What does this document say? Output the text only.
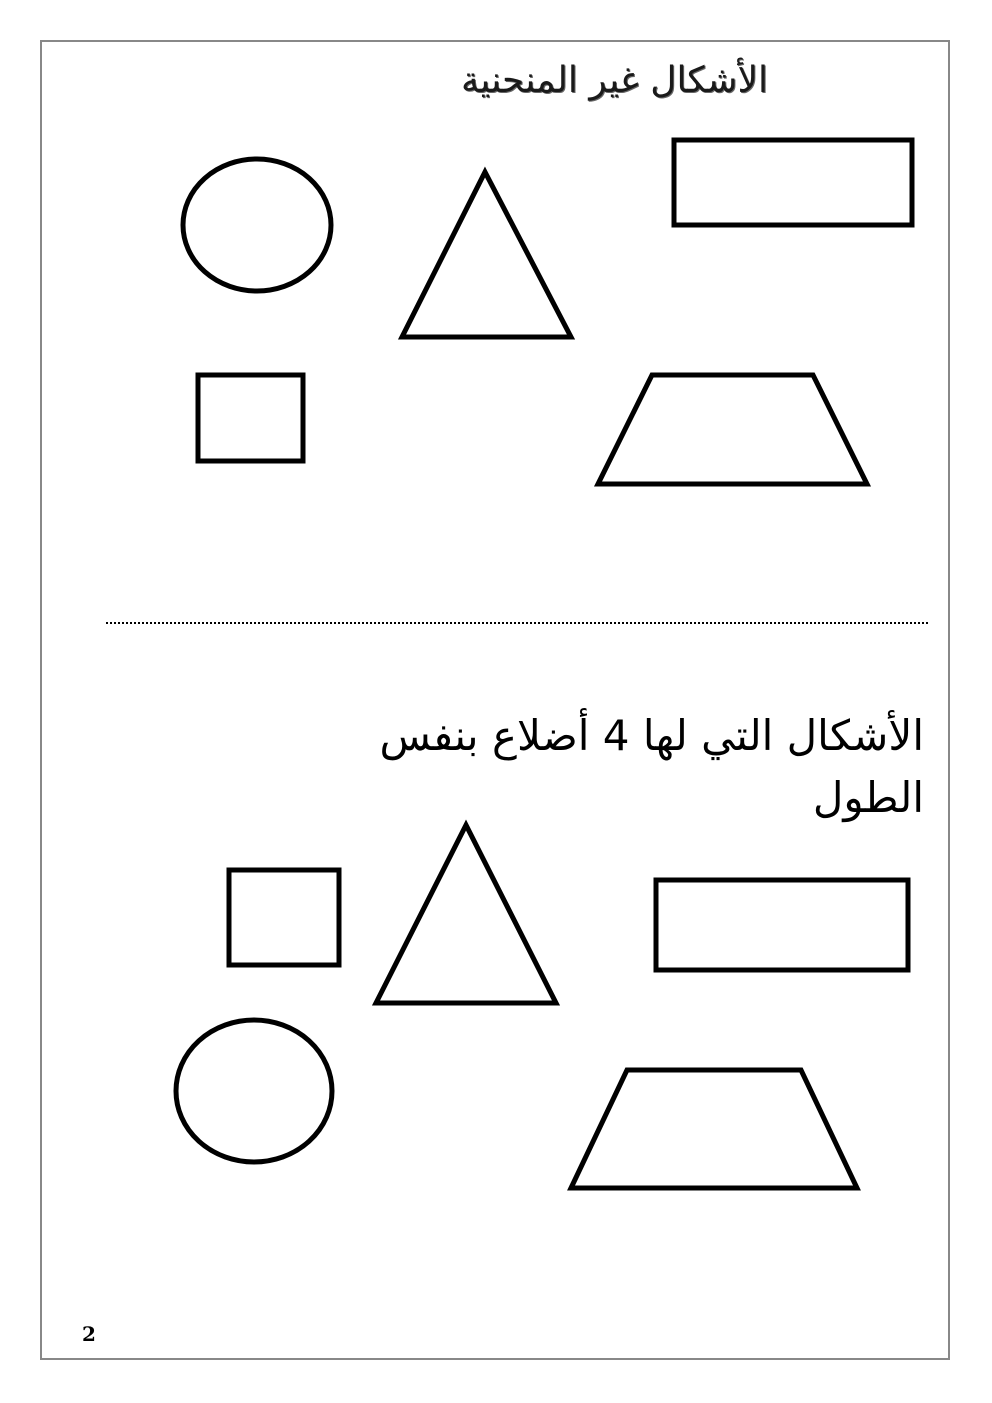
الأشكال غير المنحنية
الأشكال التي لها 4 أضلاع بنفس الطول
2
